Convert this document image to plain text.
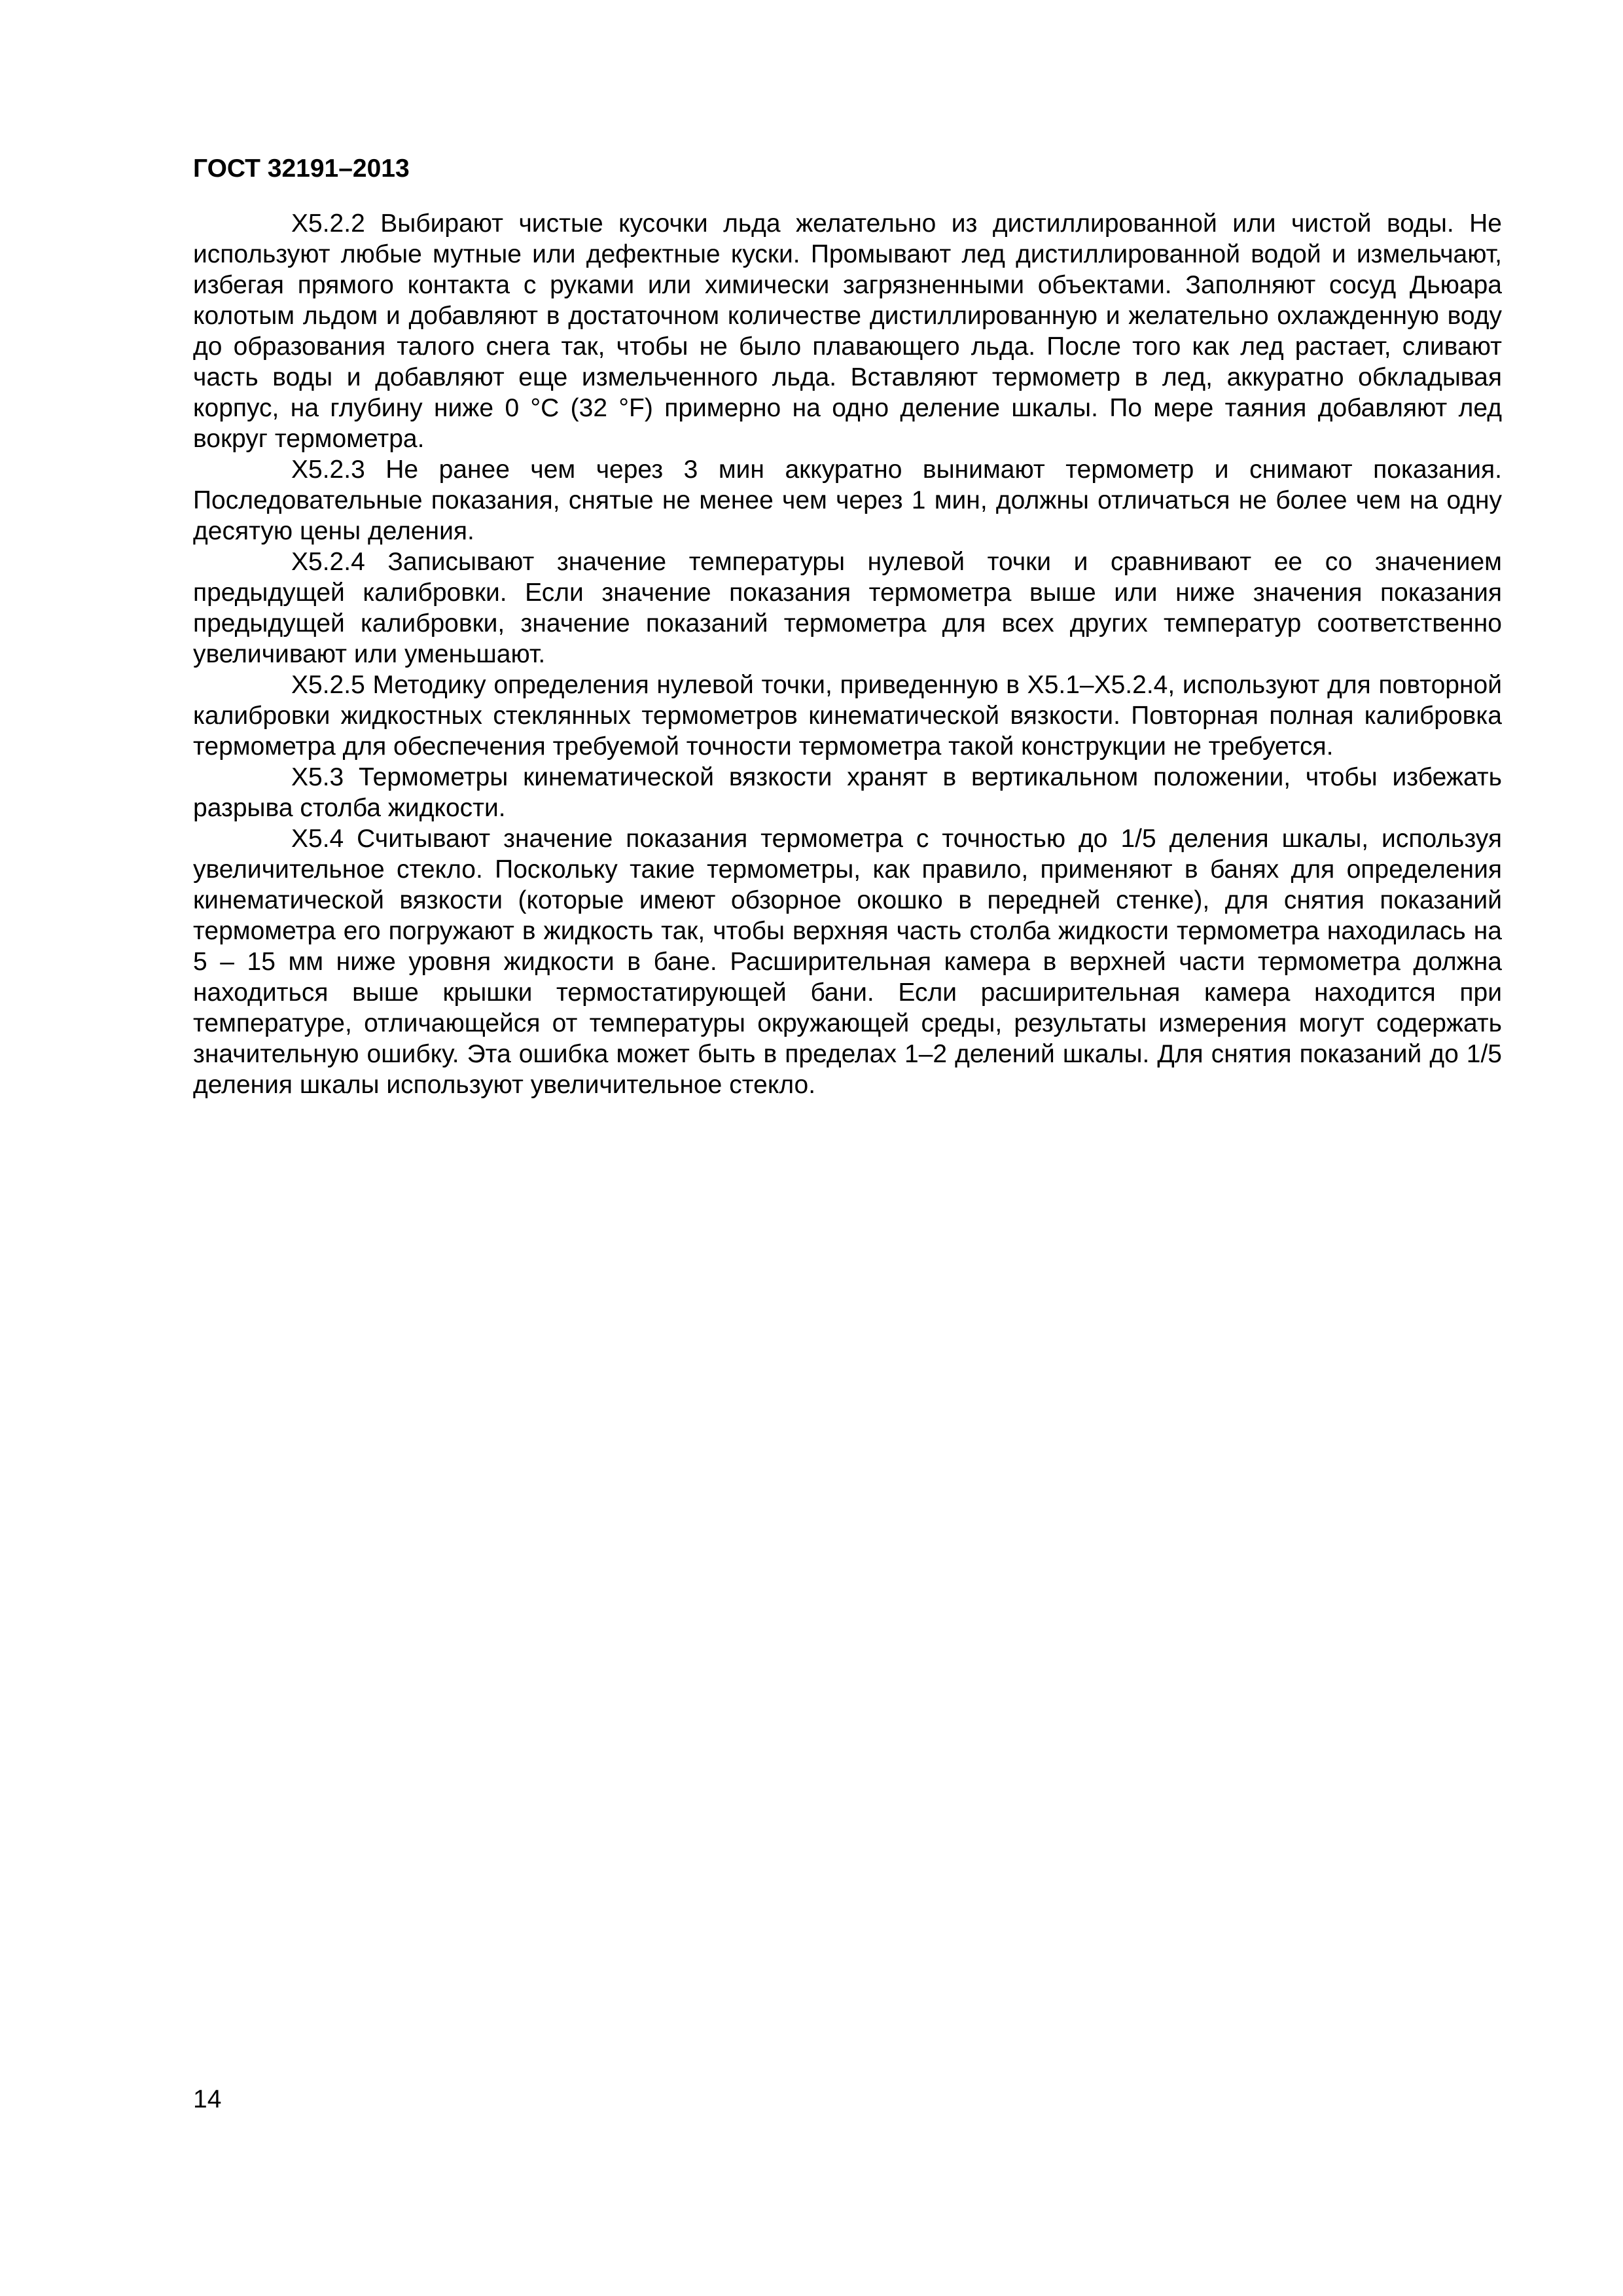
ГОСТ 32191–2013

Х5.2.2 Выбирают чистые кусочки льда желательно из дистиллированной или чистой воды. Не используют любые мутные или дефектные куски. Промывают лед дистиллированной водой и измельчают, избегая прямого контакта с руками или химически загрязненными объектами. Заполняют сосуд Дьюара колотым льдом и добавляют в достаточном количестве дистиллированную и желательно охлажденную воду до образования талого снега так, чтобы не было плавающего льда. После того как лед растает, сливают часть воды и добавляют еще измельченного льда. Вставляют термометр в лед, аккуратно обкладывая корпус, на глубину ниже 0 °С (32 °F) примерно на одно деление шкалы. По мере таяния добавляют лед вокруг термометра.

Х5.2.3 Не ранее чем через 3 мин аккуратно вынимают термометр и снимают показания. Последовательные показания, снятые не менее чем через 1 мин, должны отличаться не более чем на одну десятую цены деления.

Х5.2.4 Записывают значение температуры нулевой точки и сравнивают ее со значением предыдущей калибровки. Если значение показания термометра выше или ниже значения показания предыдущей калибровки, значение показаний термометра для всех других температур соответственно увеличивают или уменьшают.

Х5.2.5 Методику определения нулевой точки, приведенную в Х5.1–Х5.2.4, используют для повторной калибровки жидкостных стеклянных термометров кинематической вязкости. Повторная полная калибровка термометра для обеспечения требуемой точности термометра такой конструкции не требуется.

Х5.3 Термометры кинематической вязкости хранят в вертикальном положении, чтобы избежать разрыва столба жидкости.

Х5.4 Считывают значение показания термометра с точностью до 1/5 деления шкалы, используя увеличительное стекло. Поскольку такие термометры, как правило, применяют в банях для определения кинематической вязкости (которые имеют обзорное окошко в передней стенке), для снятия показаний термометра его погружают в жидкость так, чтобы верхняя часть столба жидкости термометра находилась на 5 – 15 мм ниже уровня жидкости в бане. Расширительная камера в верхней части термометра должна находиться выше крышки термостатирующей бани. Если расширительная камера находится при температуре, отличающейся от температуры окружающей среды, результаты измерения могут содержать значительную ошибку. Эта ошибка может быть в пределах 1–2 делений шкалы. Для снятия показаний до 1/5 деления шкалы используют увеличительное стекло.

14
